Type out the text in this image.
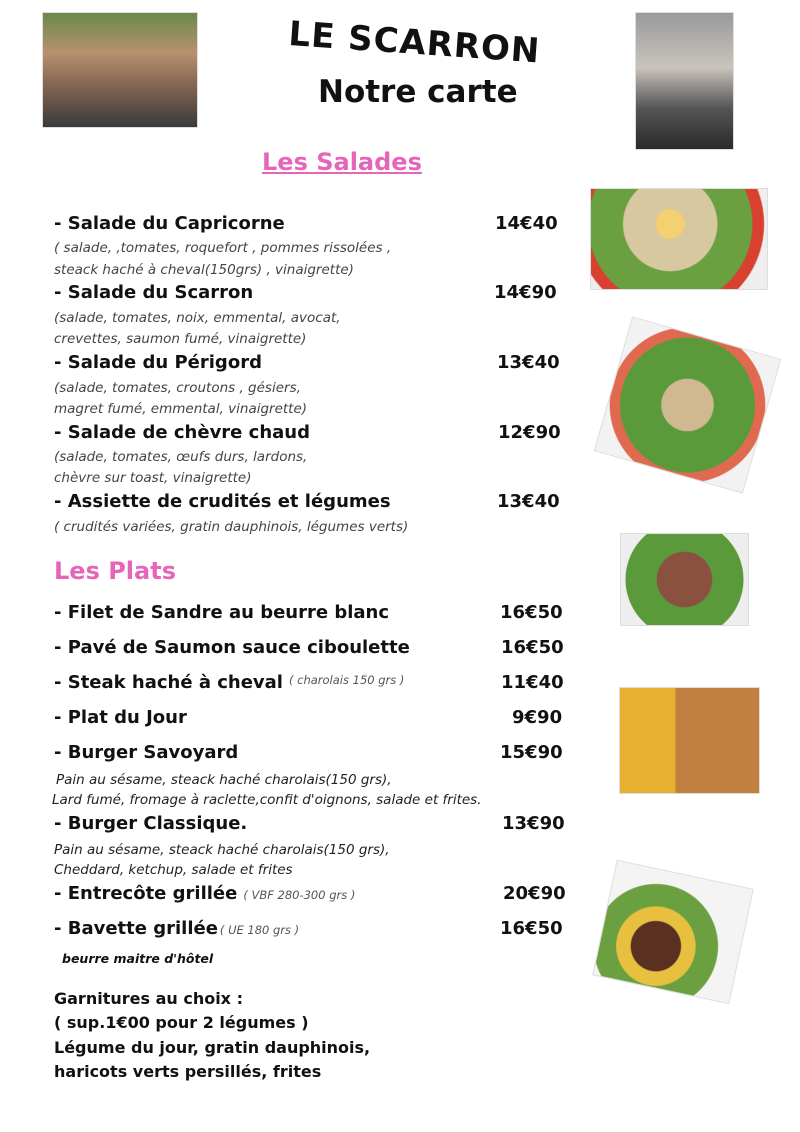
LE SCARRON
Notre carte
Les Salades
- Salade du Capricorne	14€40
( salade, ,tomates, roquefort , pommes rissolées ,
steack haché à cheval(150grs) , vinaigrette)
- Salade du Scarron	14€90
(salade, tomates, noix, emmental, avocat,
crevettes, saumon fumé, vinaigrette)
- Salade du Périgord	13€40
(salade, tomates, croutons , gésiers,
magret fumé, emmental, vinaigrette)
- Salade de chèvre chaud	12€90
(salade, tomates, œufs durs, lardons,
chèvre sur toast, vinaigrette)
- Assiette de crudités et légumes	13€40
( crudités variées, gratin dauphinois, légumes verts)
Les Plats
- Filet de Sandre au beurre blanc	16€50
- Pavé de Saumon sauce ciboulette	16€50
- Steak haché à cheval $^{( charolais 150 grs )}$	11€40
- Plat du Jour	9€90
- Burger Savoyard	15€90
Pain au sésame, steack haché charolais(150 grs),
Lard fumé, fromage à raclette,confit d'oignons, salade et frites.
- Burger Classique.	13€90
Pain au sésame, steack haché charolais(150 grs),
Cheddard, ketchup, salade et frites
- Entrecôte grillée ( VBF 280-300 grs )	20€90
- Bavette grillée ( UE 180 grs )	16€50
beurre maitre d'hôtel
Garnitures au choix :
( sup.1€00 pour 2 légumes )
Légume du jour, gratin dauphinois,
haricots verts persillés, frites
